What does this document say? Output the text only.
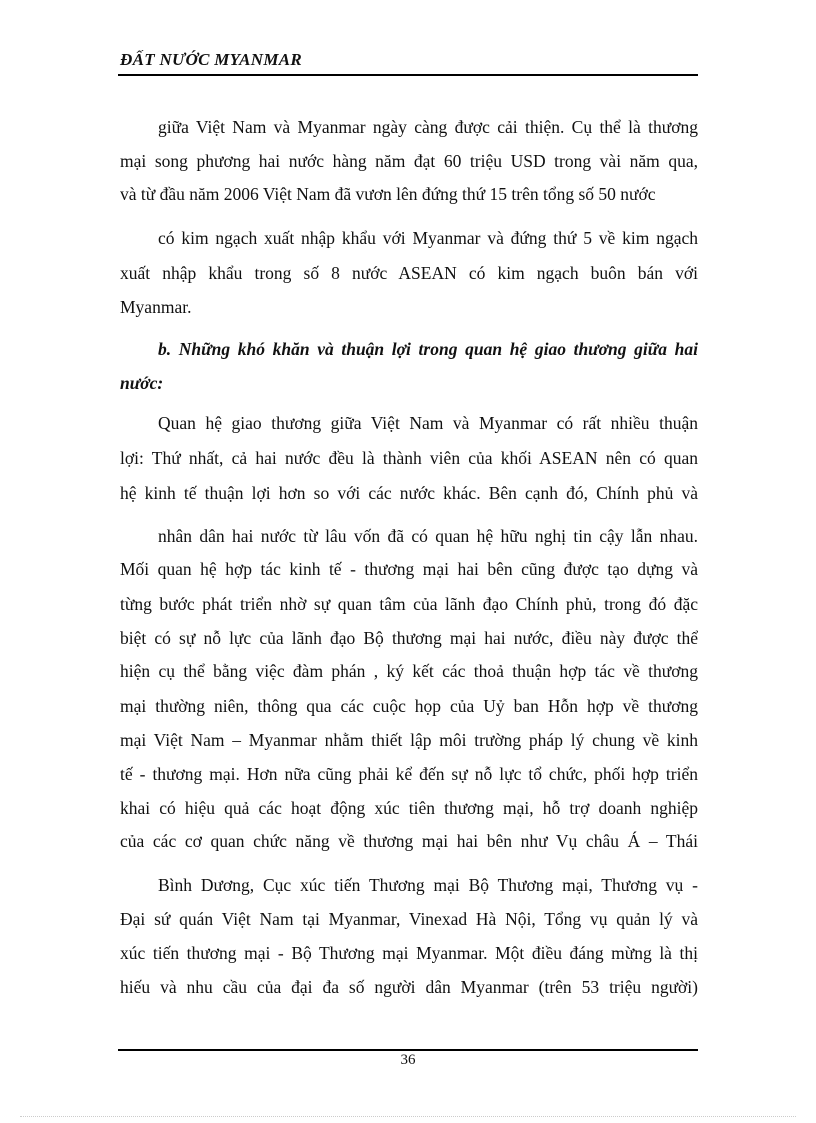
ĐẤT NƯỚC MYANMAR
giữa Việt Nam và Myanmar ngày càng được cải thiện. Cụ thể là thương
mại song phương hai nước hàng năm đạt 60 triệu USD trong vài năm qua,
và từ đầu năm 2006 Việt Nam đã vươn lên đứng thứ 15 trên tổng số 50 nước
có kim ngạch xuất nhập khẩu với Myanmar và đứng thứ 5 về kim ngạch
xuất nhập khẩu trong số 8 nước ASEAN có kim ngạch buôn bán với
Myanmar.
b. Những khó khăn và thuận lợi trong quan hệ giao thương giữa hai
nước:
Quan hệ giao thương giữa Việt Nam và Myanmar có rất nhiều thuận
lợi: Thứ nhất, cả hai nước đều là thành viên của khối ASEAN nên có quan
hệ kinh tế thuận lợi hơn so với các nước khác. Bên cạnh đó, Chính phủ và
nhân dân hai nước từ lâu vốn đã có quan hệ hữu nghị tin cậy lẫn nhau.
Mối quan hệ hợp tác kinh tế - thương mại hai bên cũng được tạo dựng và
từng bước phát triển nhờ sự quan tâm của lãnh đạo Chính phủ, trong đó đặc
biệt có sự nỗ lực của lãnh đạo Bộ thương mại hai nước, điều này được thể
hiện cụ thể bằng việc đàm phán , ký kết các thoả thuận hợp tác về thương
mại thường niên, thông qua các cuộc họp của Uỷ ban Hỗn hợp về thương
mại Việt Nam – Myanmar nhằm thiết lập môi trường pháp lý chung về kinh
tế - thương mại. Hơn nữa cũng phải kể đến sự nỗ lực tổ chức, phối hợp triển
khai có hiệu quả các hoạt động xúc tiên thương mại, hỗ trợ doanh nghiệp
của các cơ quan chức năng về thương mại hai bên như Vụ châu Á – Thái
Bình Dương, Cục xúc tiến Thương mại Bộ Thương mại, Thương vụ -
Đại sứ quán Việt Nam tại Myanmar, Vinexad Hà Nội, Tổng vụ quản lý và
xúc tiến thương mại - Bộ Thương mại Myanmar. Một điều đáng mừng là thị
hiếu và nhu cầu của đại đa số người dân Myanmar (trên 53 triệu người)
36
